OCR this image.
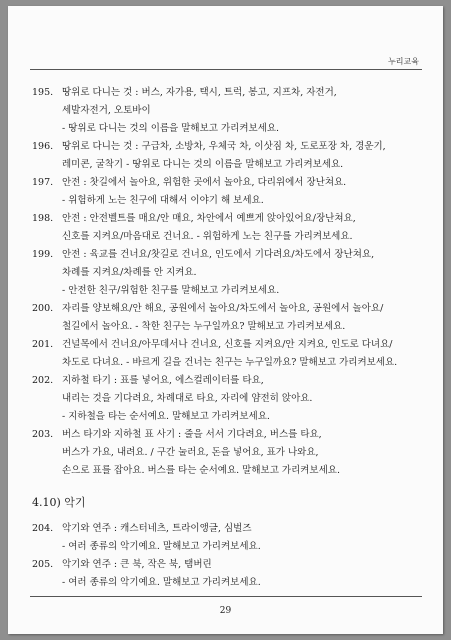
누리교육
195. 땅위로 다니는 것 : 버스, 자가용, 택시, 트럭, 봉고, 지프차, 자전거,
세발자전거, 오토바이
- 땅위로 다니는 것의 이름을 말해보고 가리켜보세요.
196. 땅위로 다니는 것 : 구급차, 소방차, 우체국 차, 이삿짐 차, 도로포장 차, 경운기,
레미콘, 굴착기 - 땅위로 다니는 것의 이름을 말해보고 가리켜보세요.
197. 안전 : 찻길에서 놀아요, 위험한 곳에서 놀아요, 다리위에서 장난쳐요.
- 위험하게 노는 친구에 대해서 이야기 해 보세요.
198. 안전 : 안전벨트를 매요/안 매요, 차안에서 예쁘게 앉아있어요/장난쳐요,
신호를 지켜요/마음대로 건너요. - 위험하게 노는 친구를 가리켜보세요.
199. 안전 : 육교를 건너요/찻길로 건너요, 인도에서 기다려요/차도에서 장난쳐요,
차례를 지켜요/차례를 안 지켜요.
- 안전한 친구/위험한 친구를 말해보고 가리켜보세요.
200. 자리를 양보해요/안 해요, 공원에서 놀아요/차도에서 놀아요, 공원에서 놀아요/
철길에서 놀아요. - 착한 친구는 누구일까요? 말해보고 가리켜보세요.
201. 건널목에서 건너요/아무데서나 건너요, 신호를 지켜요/안 지켜요, 인도로 다녀요/
차도로 다녀요. - 바르게 길을 건너는 친구는 누구일까요? 말해보고 가리켜보세요.
202. 지하철 타기 : 표를 넣어요, 에스컬레이터를 타요,
내리는 것을 기다려요, 차례대로 타요, 자리에 얌전히 앉아요.
- 지하철을 타는 순서예요. 말해보고 가리켜보세요.
203. 버스 타기와 지하철 표 사기 : 줄을 서서 기다려요, 버스를 타요,
버스가 가요, 내려요. / 구간 눌러요, 돈을 넣어요, 표가 나와요,
손으로 표를 잡아요. 버스를 타는 순서예요. 말해보고 가리켜보세요.
4.10) 악기
204. 악기와 연주 : 캐스터네츠, 트라이앵글, 심벌즈
- 여러 종류의 악기예요. 말해보고 가리켜보세요.
205. 악기와 연주 : 큰 북, 작은 북, 탬버린
- 여러 종류의 악기예요. 말해보고 가리켜보세요.
29
